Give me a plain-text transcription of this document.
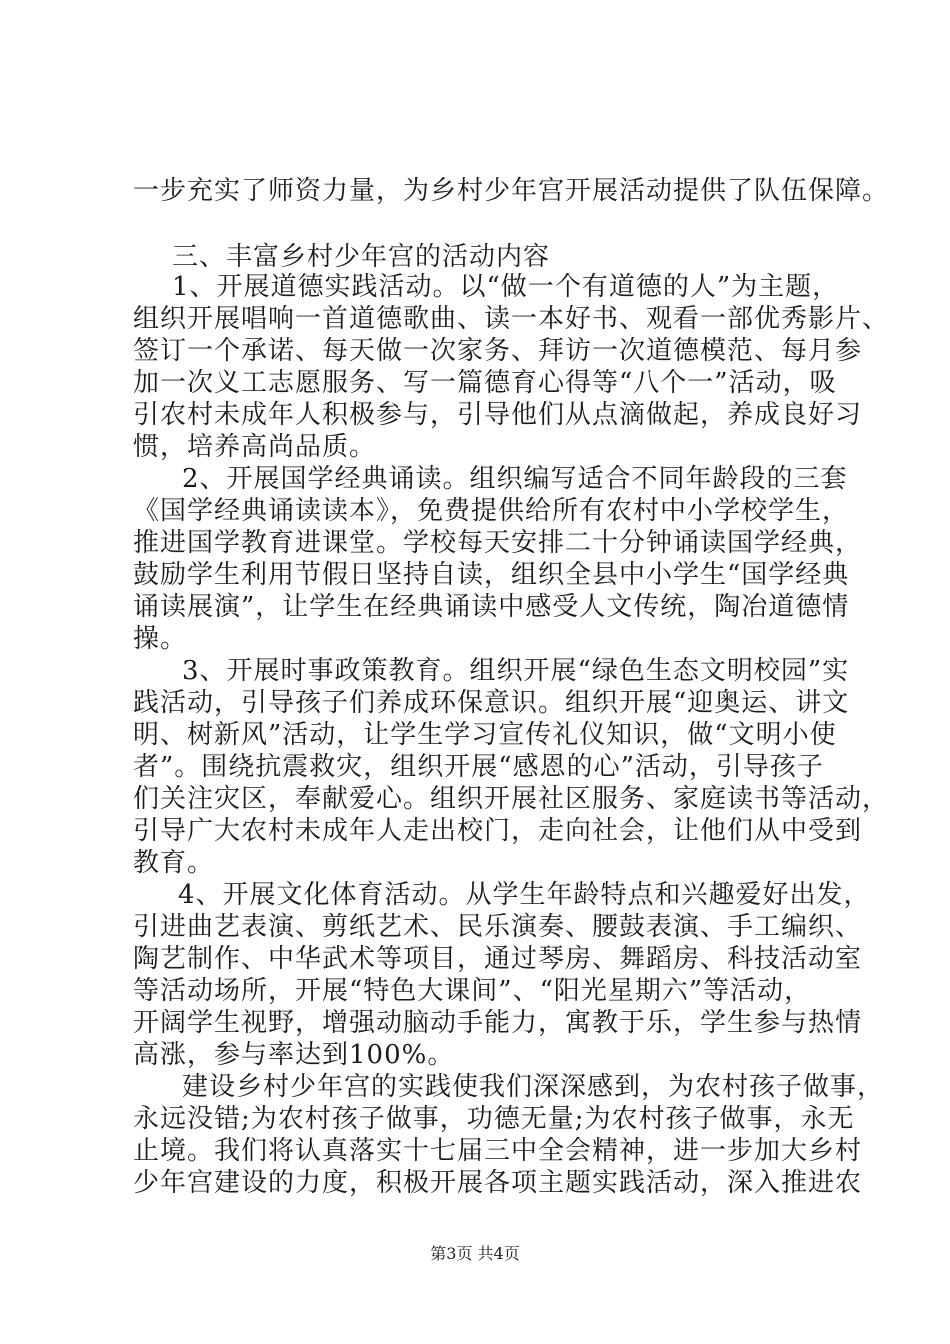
一步充实了师资力量，为乡村少年宫开展活动提供了队伍保障。
三、丰富乡村少年宫的活动内容
1、开展道德实践活动。以“做一个有道德的人”为主题，
组织开展唱响一首道德歌曲、读一本好书、观看一部优秀影片、
签订一个承诺、每天做一次家务、拜访一次道德模范、每月参
加一次义工志愿服务、写一篇德育心得等“八个一”活动，吸
引农村未成年人积极参与，引导他们从点滴做起，养成良好习
惯，培养高尚品质。
2、开展国学经典诵读。组织编写适合不同年龄段的三套
《国学经典诵读读本》，免费提供给所有农村中小学校学生，
推进国学教育进课堂。学校每天安排二十分钟诵读国学经典，
鼓励学生利用节假日坚持自读，组织全县中小学生“国学经典
诵读展演”，让学生在经典诵读中感受人文传统，陶冶道德情
操。
3、开展时事政策教育。组织开展“绿色生态文明校园”实
践活动，引导孩子们养成环保意识。组织开展“迎奥运、讲文
明、树新风”活动，让学生学习宣传礼仪知识，做“文明小使
者”。围绕抗震救灾，组织开展“感恩的心”活动，引导孩子
们关注灾区，奉献爱心。组织开展社区服务、家庭读书等活动，
引导广大农村未成年人走出校门，走向社会，让他们从中受到
教育。
4、开展文化体育活动。从学生年龄特点和兴趣爱好出发，
引进曲艺表演、剪纸艺术、民乐演奏、腰鼓表演、手工编织、
陶艺制作、中华武术等项目，通过琴房、舞蹈房、科技活动室
等活动场所，开展“特色大课间”、“阳光星期六”等活动，
开阔学生视野，增强动脑动手能力，寓教于乐，学生参与热情
高涨，参与率达到100%。
建设乡村少年宫的实践使我们深深感到，为农村孩子做事，
永远没错;为农村孩子做事，功德无量;为农村孩子做事，永无
止境。我们将认真落实十七届三中全会精神，进一步加大乡村
少年宫建设的力度，积极开展各项主题实践活动，深入推进农
第3页 共4页
